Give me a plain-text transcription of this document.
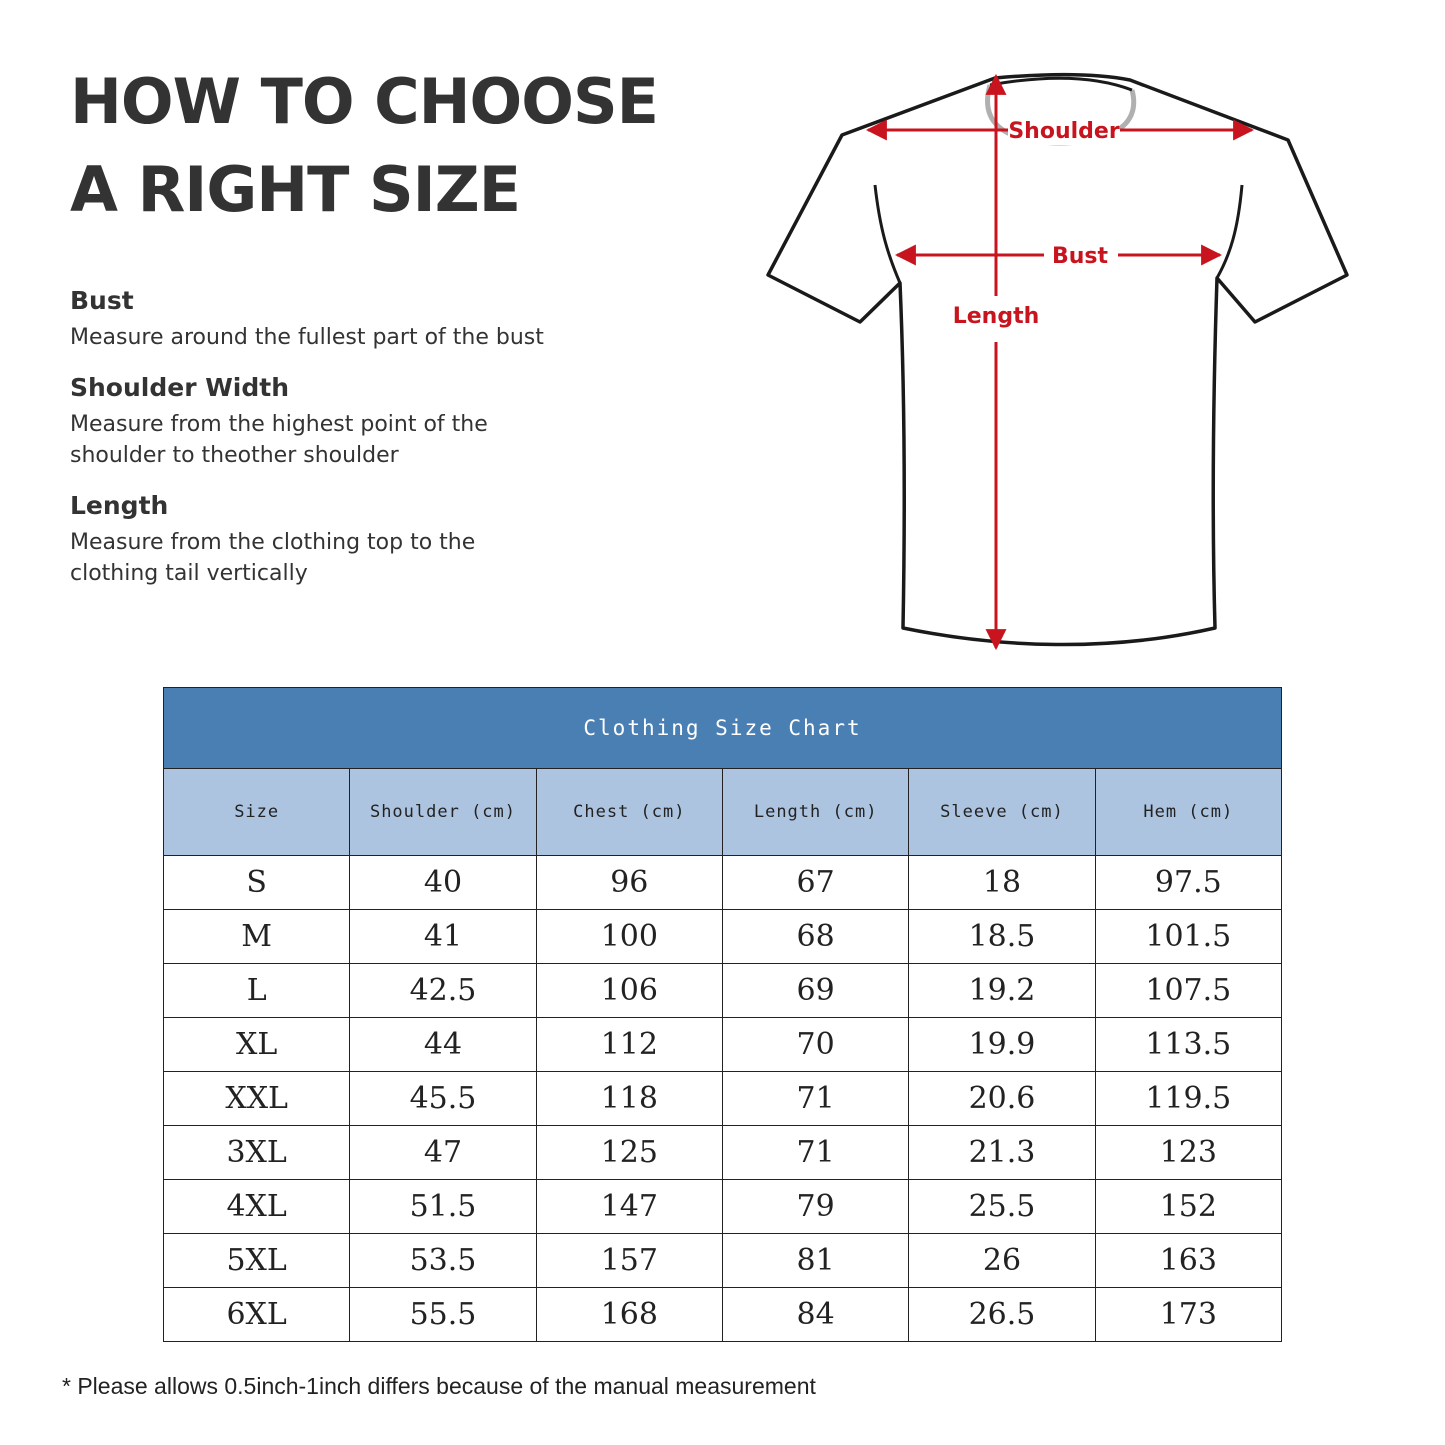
HOW TO CHOOSE
A RIGHT SIZE
Bust

Measure around the fullest part of the bust

Shoulder Width

Measure from the highest point of the
shoulder to theother shoulder

Length

Measure from the clothing top to the
clothing tail vertically

Shoulder
Bust
Length
Clothing Size Chart					
Size	Shoulder (cm)	Chest (cm)	Length (cm)	Sleeve (cm)	Hem (cm)
S	40	96	67	18	97.5
M	41	100	68	18.5	101.5
L	42.5	106	69	19.2	107.5
XL	44	112	70	19.9	113.5
XXL	45.5	118	71	20.6	119.5
3XL	47	125	71	21.3	123
4XL	51.5	147	79	25.5	152
5XL	53.5	157	81	26	163
6XL	55.5	168	84	26.5	173

* Please allows 0.5inch-1inch differs because of the manual measurement
